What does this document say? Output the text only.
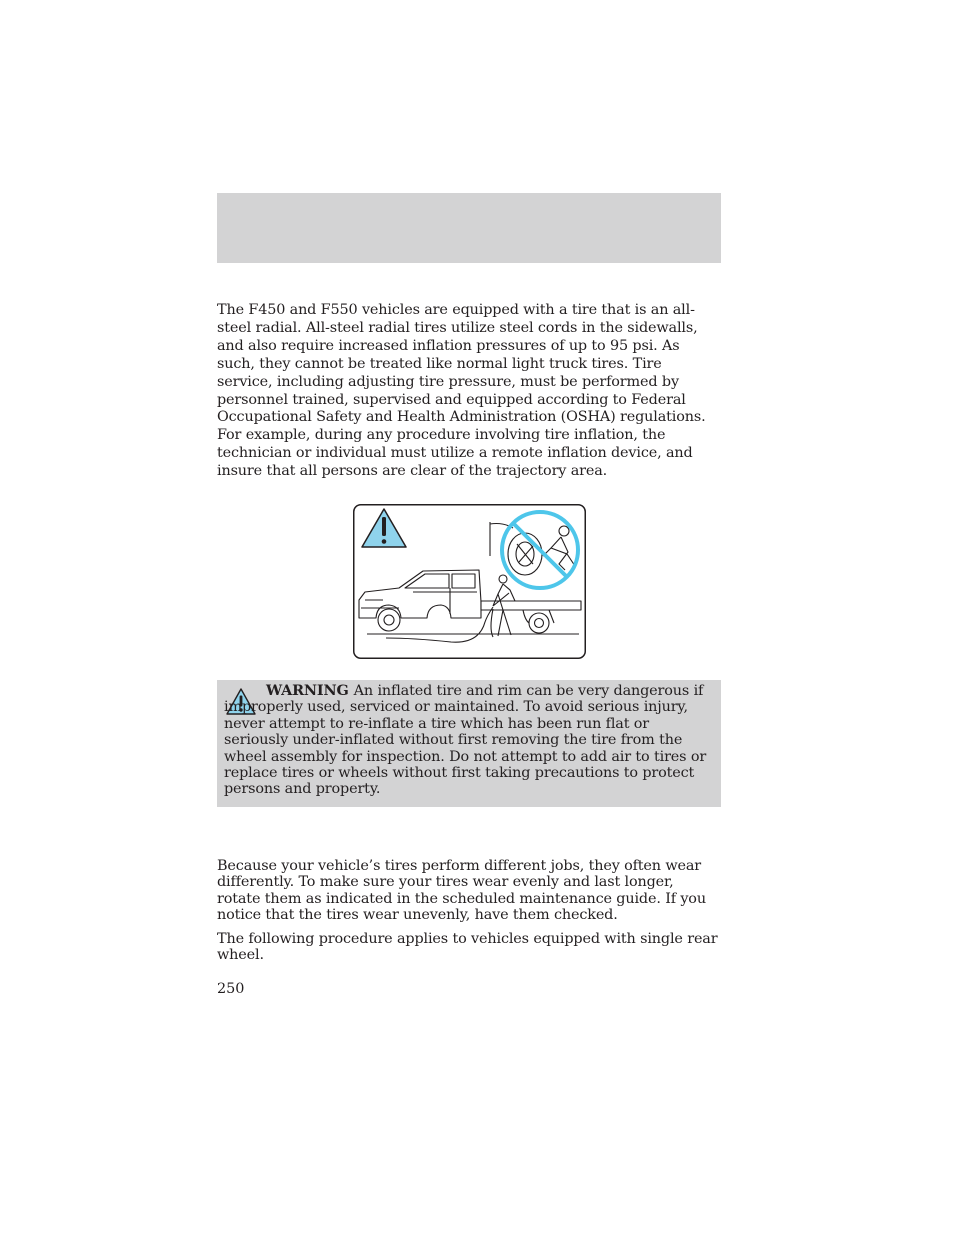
The F450 and F550 vehicles are equipped with a tire that is an all-steel radial. All-steel radial tires utilize steel cords in the sidewalls, and also require increased inflation pressures of up to 95 psi. As such, they cannot be treated like normal light truck tires. Tire service, including adjusting tire pressure, must be performed by personnel trained, supervised and equipped according to Federal Occupational Safety and Health Administration (OSHA) regulations. For example, during any procedure involving tire inflation, the technician or individual must utilize a remote inflation device, and insure that all persons are clear of the trajectory area.

WARNING An inflated tire and rim can be very dangerous if improperly used, serviced or maintained. To avoid serious injury, never attempt to re-inflate a tire which has been run flat or seriously under-inflated without first removing the tire from the wheel assembly for inspection. Do not attempt to add air to tires or replace tires or wheels without first taking precautions to protect persons and property.

Because your vehicle’s tires perform different jobs, they often wear differently. To make sure your tires wear evenly and last longer, rotate them as indicated in the scheduled maintenance guide. If you notice that the tires wear unevenly, have them checked.

The following procedure applies to vehicles equipped with single rear wheel.

250
